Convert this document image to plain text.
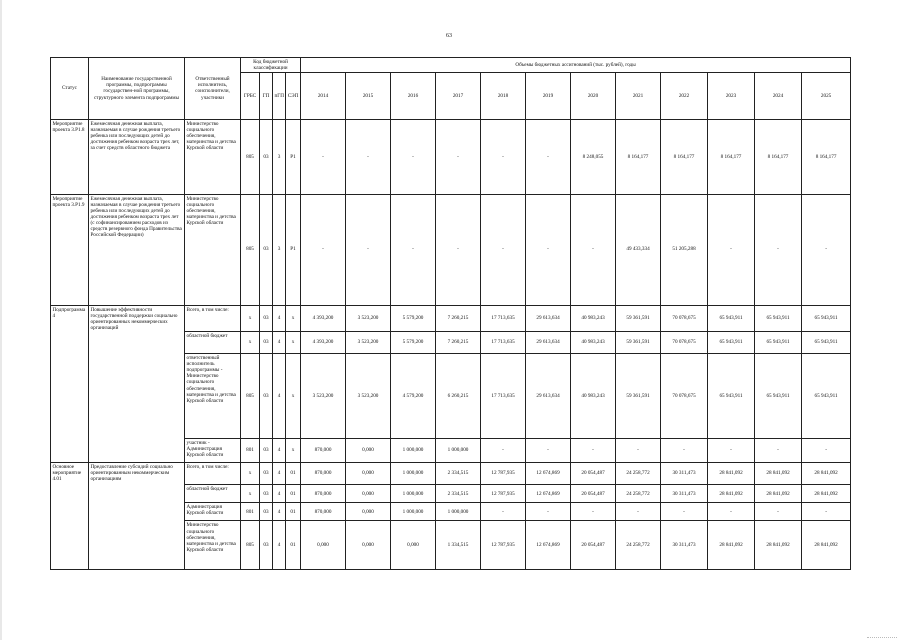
63
Статус	Наименование государственной программы, подпрограммы государствен-ной программы, структурного элемента подпрограммы	Ответственный исполнитель, соисполнители, участники	Код бюджетной классификации				Объемы бюджетных ассигнований (тыс. рублей), годы											
			ГРБС	ГП	пГП	СЭП	2014	2015	2016	2017	2018	2019	2020	2021	2022	2023	2024	2025
Мероприятие проекта 3.Р1.8	Ежемесячная денежная выплата, назначаемая в случае рождения третьего ребенка или последующих детей до достижения ребенком возраста трех лет, за счет средств областного бюджета	Министерство социального обеспечения, материнства и детства Курской области	805	03	3	Р1	-	-	-	-	-	-	8 248,055	8 164,177	8 164,177	8 164,177	8 164,177	8 164,177
Мероприятие проекта 3.Р1.9	Ежемесячная денежная выплата, назначаемая в случае рождения третьего ребенка или последующих детей до достижения ребенком возраста трех лет (с софинансированием расходов из средств резервного фонда Правительства Российской Федерации)	Министерство социального обеспечения, материнства и детства Курской области	805	03	3	Р1	-	-	-	-	-	-	-	49 433,334	51 205,288	-	-	-
Подпрограмма 4	Повышение эффективности государственной поддержки социально ориентированных некоммерческих организаций	Всего, в том числе:	х	03	4	х	4 393,200	3 523,200	5 579,200	7 260,215	17 713,635	29 613,634	40 983,243	59 361,591	70 078,675	65 943,911	65 943,911	65 943,911
		областной бюджет	х	03	4	х	4 393,200	3 523,200	5 579,200	7 260,215	17 713,635	29 613,634	40 983,243	59 361,591	70 078,675	65 943,911	65 943,911	65 943,911
		ответственный исполнитель подпрограммы - Министерство социального обеспечения, материнства и детства Курской области	805	03	4	х	3 523,200	3 523,200	4 579,200	6 260,215	17 713,635	29 613,634	40 983,243	59 361,591	70 078,675	65 943,911	65 943,911	65 943,911
		участник - Администрация Курской области	801	03	4	х	870,000	0,000	1 000,000	1 000,000	-	-	-	-	-	-	-	-
Основное мероприятие 4.01	Предоставление субсидий социально ориентированным некоммерческим организациям	Всего, в том числе:	х	03	4	01	870,000	0,000	1 000,000	2 334,515	12 787,935	12 674,869	20 054,487	24 258,772	30 311,473	28 841,092	28 841,092	28 841,092
		областной бюджет	х	03	4	01	870,000	0,000	1 000,000	2 334,515	12 787,935	12 674,869	20 054,487	24 258,772	30 311,473	28 841,092	28 841,092	28 841,092
		Администрация Курской области	801	03	4	01	870,000	0,000	1 000,000	1 000,000	-	-	-	-	-	-	-	-
		Министерство социального обеспечения, материнства и детства Курской области	805	03	4	01	0,000	0,000	0,000	1 334,515	12 787,935	12 674,869	20 054,487	24 258,772	30 311,473	28 841,092	28 841,092	28 841,092
